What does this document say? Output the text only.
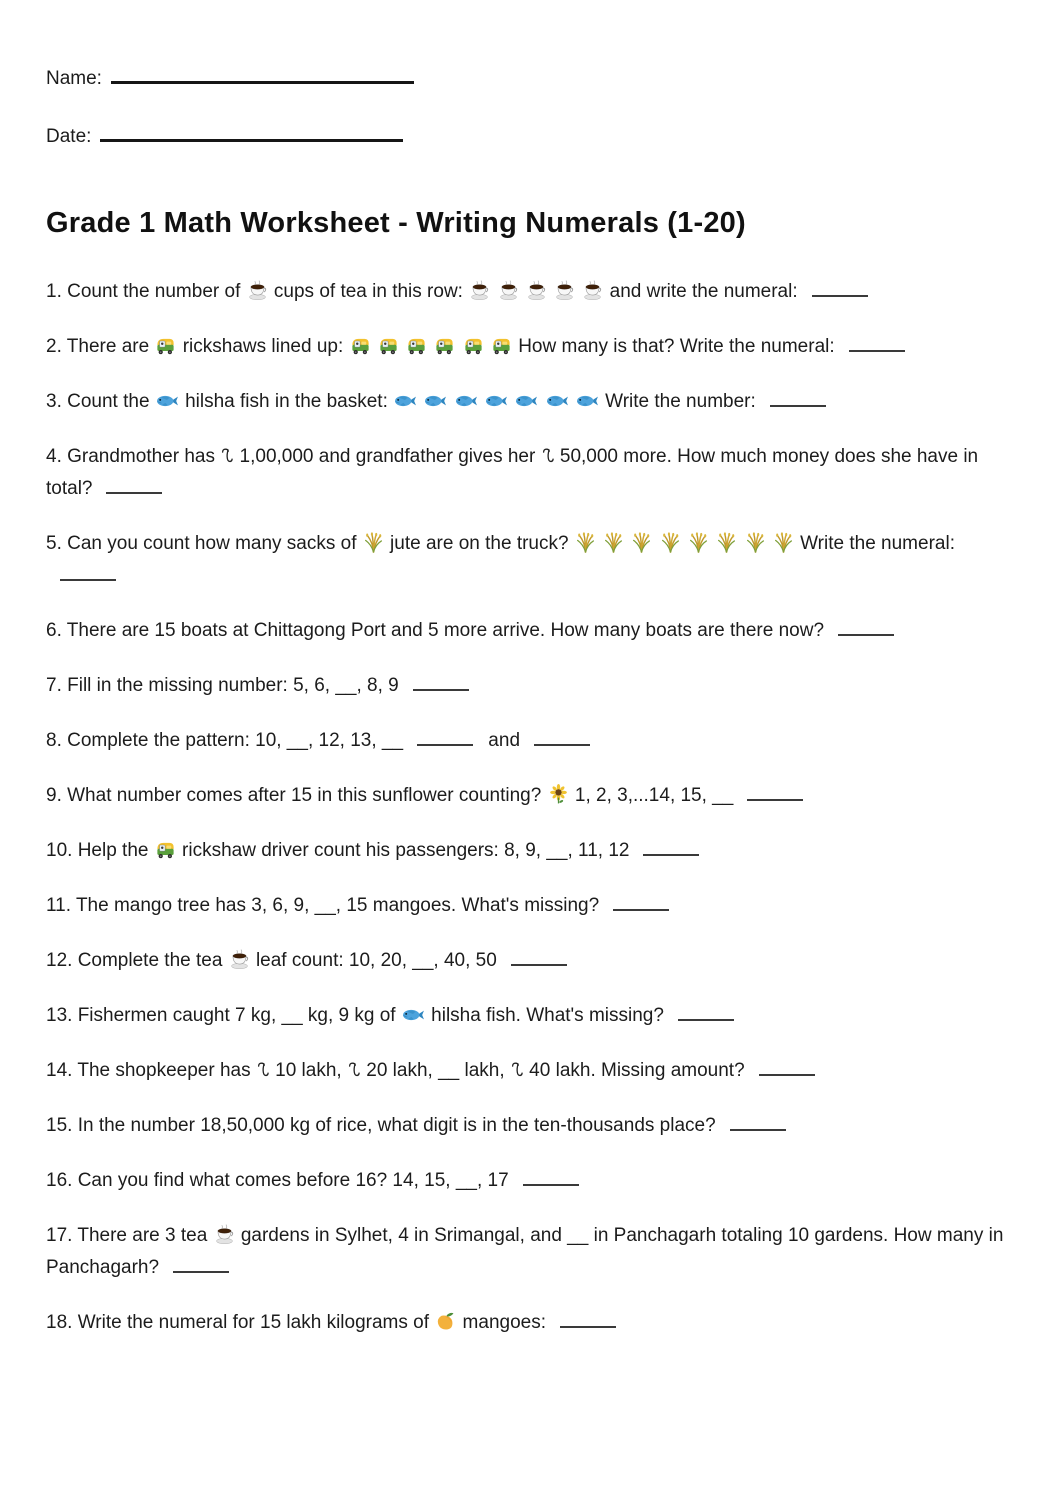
Name:
Date:
Grade 1 Math Worksheet - Writing Numerals (1-20)

1. Count the number of  cups of tea in this row:	and write the numeral:

2. There are  rickshaws lined up:	How many is that? Write the numeral:

3. Count the  hilsha fish in the basket:	Write the number:

4. Grandmother has  1,00,000 and grandfather gives her  50,000 more. How much money does she have in total?

5. Can you count how many sacks of  jute are on the truck?	Write the numeral:

6. There are 15 boats at Chittagong Port and 5 more arrive. How many boats are there now?

7. Fill in the missing number: 5, 6, __, 8, 9

8. Complete the pattern: 10, __, 12, 13, __	and

9. What number comes after 15 in this sunflower counting?  1, 2, 3,...14, 15, __

10. Help the  rickshaw driver count his passengers: 8, 9, __, 11, 12

11. The mango tree has 3, 6, 9, __, 15 mangoes. What's missing?

12. Complete the tea  leaf count: 10, 20, __, 40, 50

13. Fishermen caught 7 kg, __ kg, 9 kg of  hilsha fish. What's missing?

14. The shopkeeper has  10 lakh,  20 lakh, __ lakh,  40 lakh. Missing amount?

15. In the number 18,50,000 kg of rice, what digit is in the ten-thousands place?

16. Can you find what comes before 16? 14, 15, __, 17

17. There are 3 tea  gardens in Sylhet, 4 in Srimangal, and __ in Panchagarh totaling 10 gardens. How many in Panchagarh?

18. Write the numeral for 15 lakh kilograms of  mangoes:
